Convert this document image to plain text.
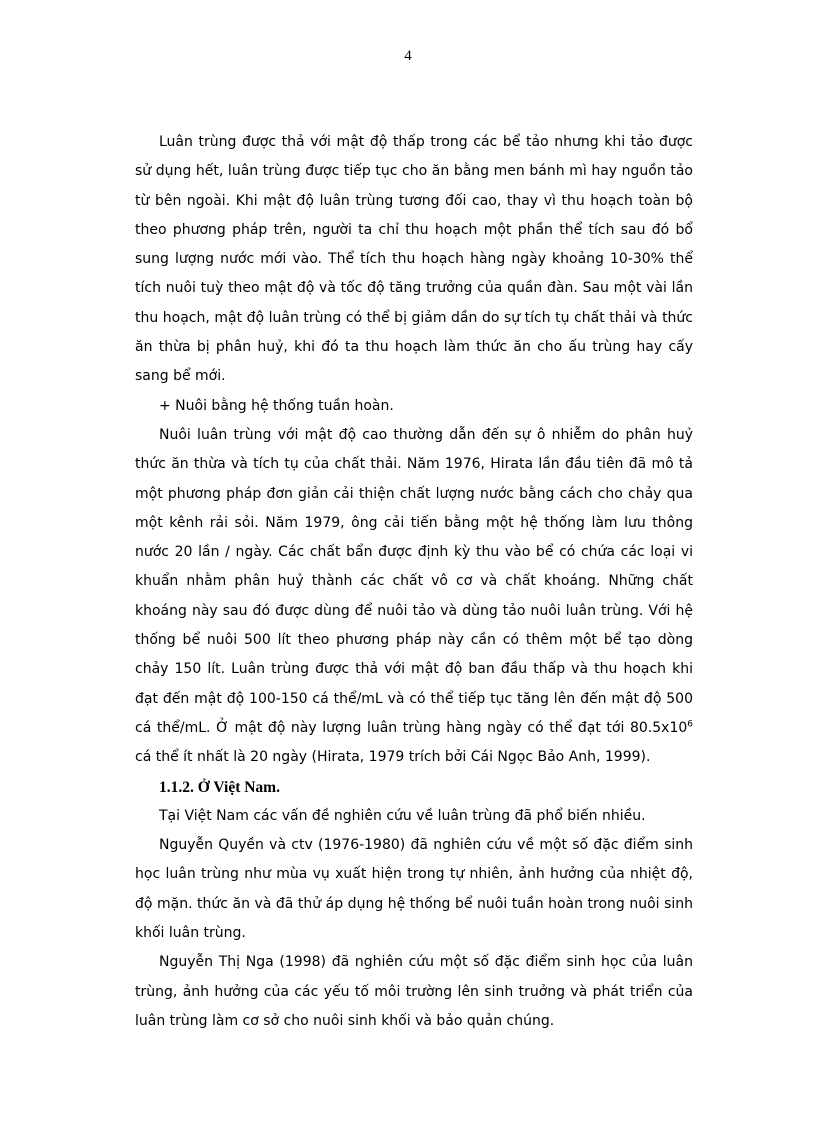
4

Luân trùng được thả với mật độ thấp trong các bể tảo nhưng khi tảo được sử dụng hết, luân trùng được tiếp tục cho ăn bằng men bánh mì hay nguồn tảo từ bên ngoài. Khi mật độ luân trùng tương đối cao, thay vì thu hoạch toàn bộ theo phương pháp trên, người ta chỉ thu hoạch một phần thể tích sau đó bổ sung lượng nước mới vào. Thể tích thu hoạch hàng ngày khoảng 10-30% thể tích nuôi tuỳ theo mật độ và tốc độ tăng trưởng của quần đàn. Sau một vài lần thu hoạch, mật độ luân trùng có thể bị giảm dần do sự tích tụ chất thải và thức ăn thừa bị phân huỷ, khi đó ta thu hoạch làm thức ăn cho ấu trùng hay cấy sang bể mới.

+ Nuôi bằng hệ thống tuần hoàn.

Nuôi luân trùng với mật độ cao thường dẫn đến sự ô nhiễm do phân huỷ thức ăn thừa và tích tụ của chất thải. Năm 1976, Hirata lần đầu tiên đã mô tả một phương pháp đơn giản cải thiện chất lượng nước bằng cách cho chảy qua một kênh rải sỏi. Năm 1979, ông cải tiến bằng một hệ thống làm lưu thông nước 20 lần / ngày. Các chất bẩn được định kỳ thu vào bể có chứa các loại vi khuẩn nhằm phân huỷ thành các chất vô cơ và chất khoáng. Những chất khoáng này sau đó được dùng để nuôi tảo và dùng tảo nuôi luân trùng. Với hệ thống bể nuôi 500 lít theo phương pháp này cần có thêm một bể tạo dòng chảy 150 lít. Luân trùng được thả với mật độ ban đầu thấp và thu hoạch khi đạt đến mật độ 100-150 cá thể/mL và có thể tiếp tục tăng lên đến mật độ 500 cá thể/mL. Ở mật độ này lượng luân trùng hàng ngày có thể đạt tới $80.5x10^6$ cá thể ít nhất là 20 ngày (Hirata, 1979 trích bởi Cái Ngọc Bảo Anh, 1999).

1.1.2. Ở Việt Nam.

Tại Việt Nam các vấn đề nghiên cứu về luân trùng đã phổ biến nhiều.

Nguyễn Quyền và ctv (1976-1980) đã nghiên cứu về một số đặc điểm sinh học luân trùng như mùa vụ xuất hiện trong tự nhiên, ảnh hưởng của nhiệt độ, độ mặn. thức ăn và đã thử áp dụng hệ thống bể nuôi tuần hoàn trong nuôi sinh khối luân trùng.

Nguyễn Thị Nga (1998) đã nghiên cứu một số đặc điểm sinh học của luân trùng, ảnh hưởng của các yếu tố môi trường lên sinh truởng và phát triển của luân trùng làm cơ sở cho nuôi sinh khối và bảo quản chúng.
